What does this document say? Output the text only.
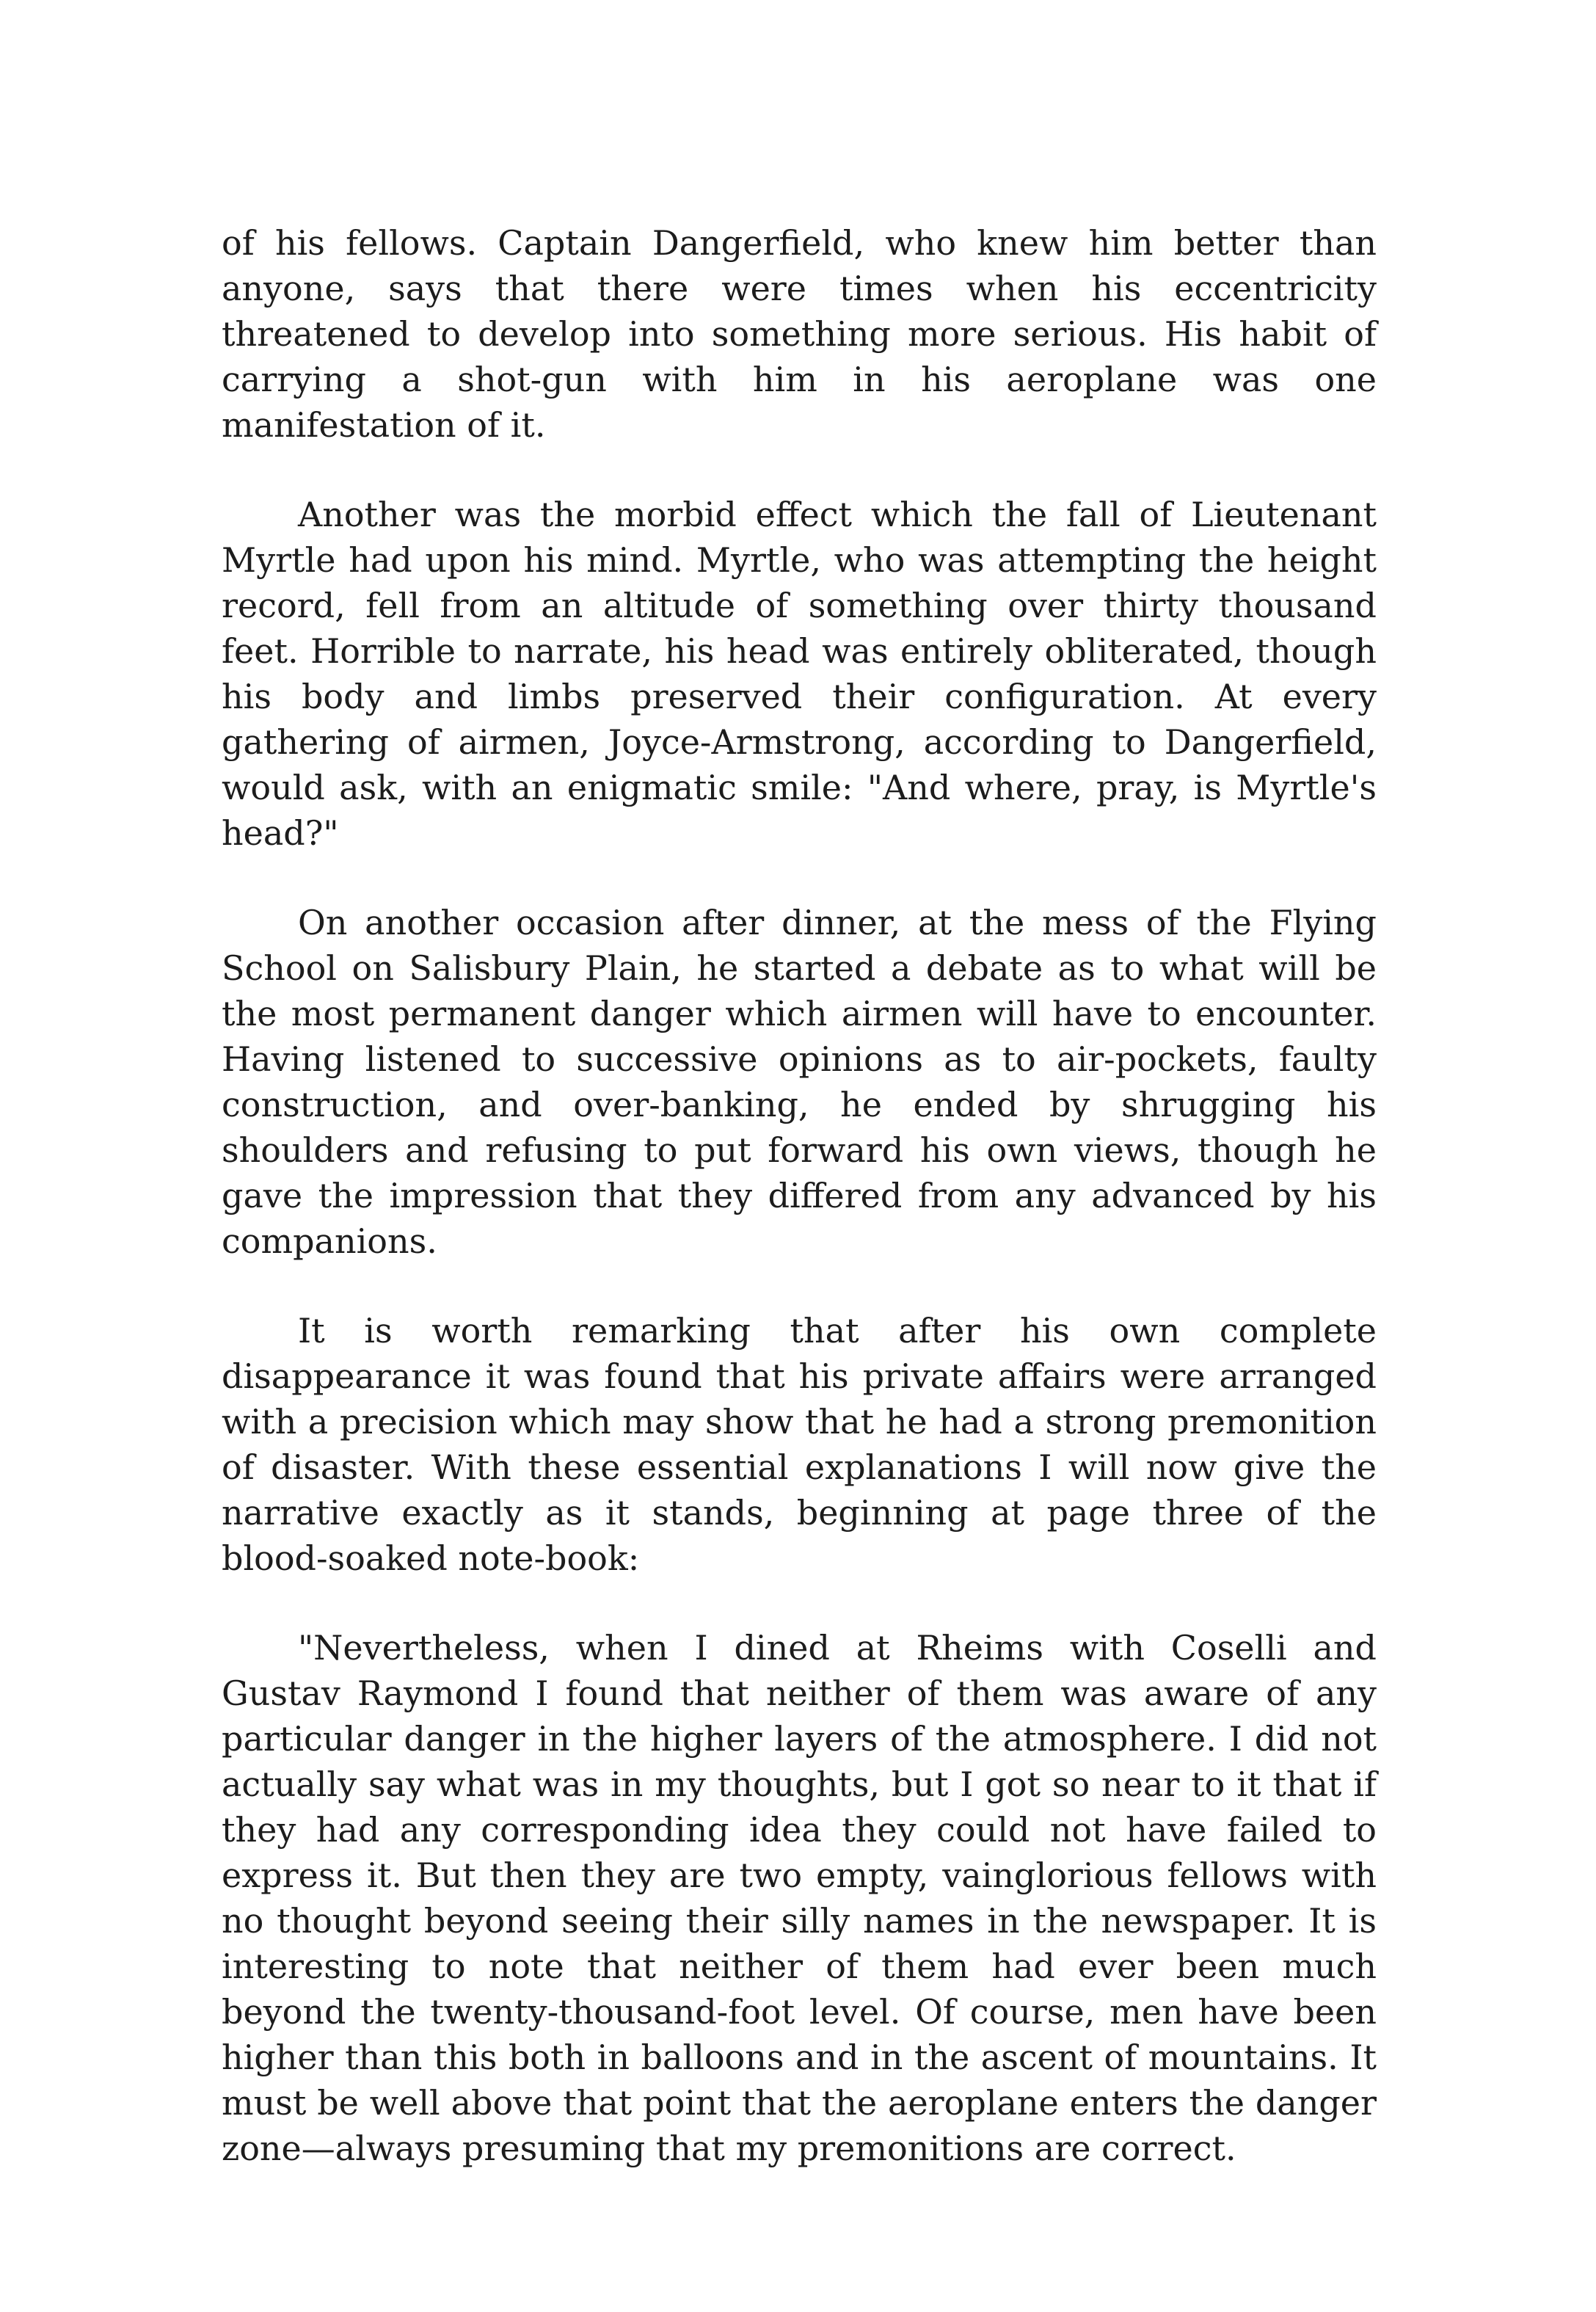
of his fellows. Captain Dangerfield, who knew him better than anyone, says that there were times when his eccentricity threatened to develop into something more serious. His habit of carrying a shot-gun with him in his aeroplane was one manifestation of it.

Another was the morbid effect which the fall of Lieutenant Myrtle had upon his mind. Myrtle, who was attempting the height record, fell from an altitude of something over thirty thousand feet. Horrible to narrate, his head was entirely obliterated, though his body and limbs preserved their configuration. At every gathering of airmen, Joyce-Armstrong, according to Dangerfield, would ask, with an enigmatic smile: "And where, pray, is Myrtle's head?"

On another occasion after dinner, at the mess of the Flying School on Salisbury Plain, he started a debate as to what will be the most permanent danger which airmen will have to encounter. Having listened to successive opinions as to air-pockets, faulty construction, and over-banking, he ended by shrugging his shoulders and refusing to put forward his own views, though he gave the impression that they differed from any advanced by his companions.

It is worth remarking that after his own complete disappearance it was found that his private affairs were arranged with a precision which may show that he had a strong premonition of disaster. With these essential explanations I will now give the narrative exactly as it stands, beginning at page three of the blood-soaked note-book:

"Nevertheless, when I dined at Rheims with Coselli and Gustav Raymond I found that neither of them was aware of any particular danger in the higher layers of the atmosphere. I did not actually say what was in my thoughts, but I got so near to it that if they had any corresponding idea they could not have failed to express it. But then they are two empty, vainglorious fellows with no thought beyond seeing their silly names in the newspaper. It is interesting to note that neither of them had ever been much beyond the twenty-thousand-foot level. Of course, men have been higher than this both in balloons and in the ascent of mountains. It must be well above that point that the aeroplane enters the danger zone—always presuming that my premonitions are correct.
